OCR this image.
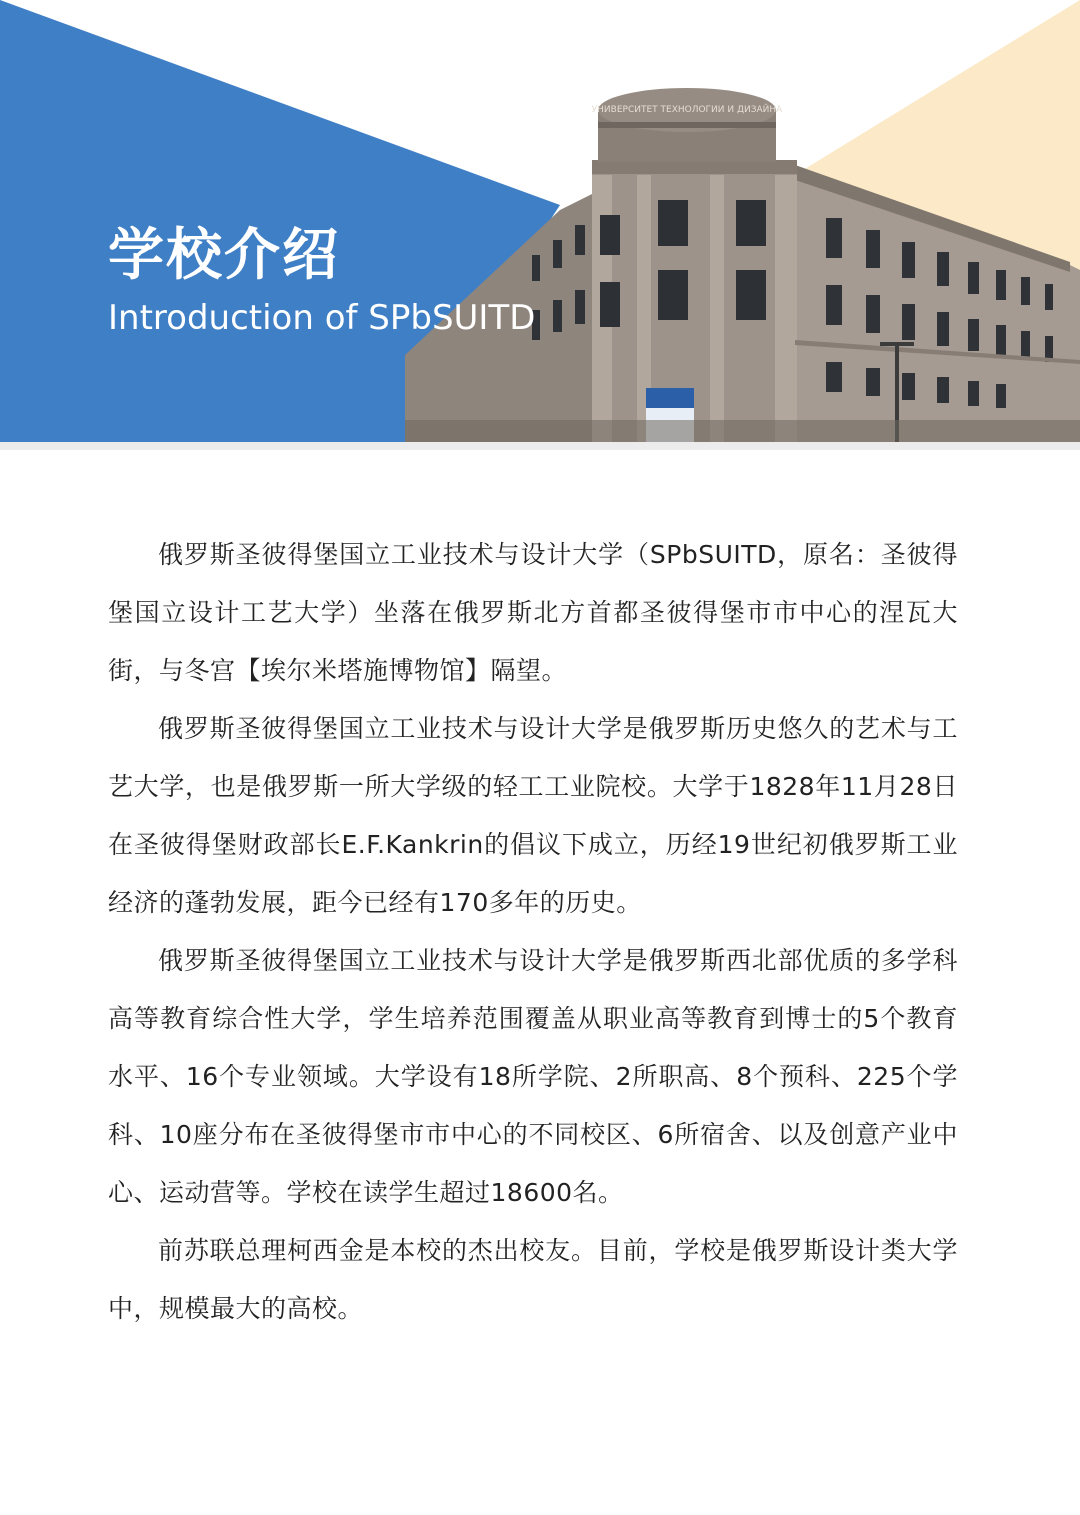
УНИВЕРСИТЕТ ТЕХНОЛОГИИ И ДИЗАЙНА
学校介绍
Introduction of SPbSUITD

俄罗斯圣彼得堡国立工业技术与设计大学（SPbSUITD，原名：圣彼得堡国立设计工艺大学）坐落在俄罗斯北方首都圣彼得堡市市中心的涅瓦大街，与冬宫【埃尔米塔施博物馆】隔望。

俄罗斯圣彼得堡国立工业技术与设计大学是俄罗斯历史悠久的艺术与工艺大学，也是俄罗斯一所大学级的轻工工业院校。大学于1828年11月28日在圣彼得堡财政部长E.F.Kankrin的倡议下成立，历经19世纪初俄罗斯工业经济的蓬勃发展，距今已经有170多年的历史。

俄罗斯圣彼得堡国立工业技术与设计大学是俄罗斯西北部优质的多学科高等教育综合性大学，学生培养范围覆盖从职业高等教育到博士的5个教育水平、16个专业领域。大学设有18所学院、2所职高、8个预科、225个学科、10座分布在圣彼得堡市市中心的不同校区、6所宿舍、以及创意产业中心、运动营等。学校在读学生超过18600名。

前苏联总理柯西金是本校的杰出校友。目前，学校是俄罗斯设计类大学中，规模最大的高校。
